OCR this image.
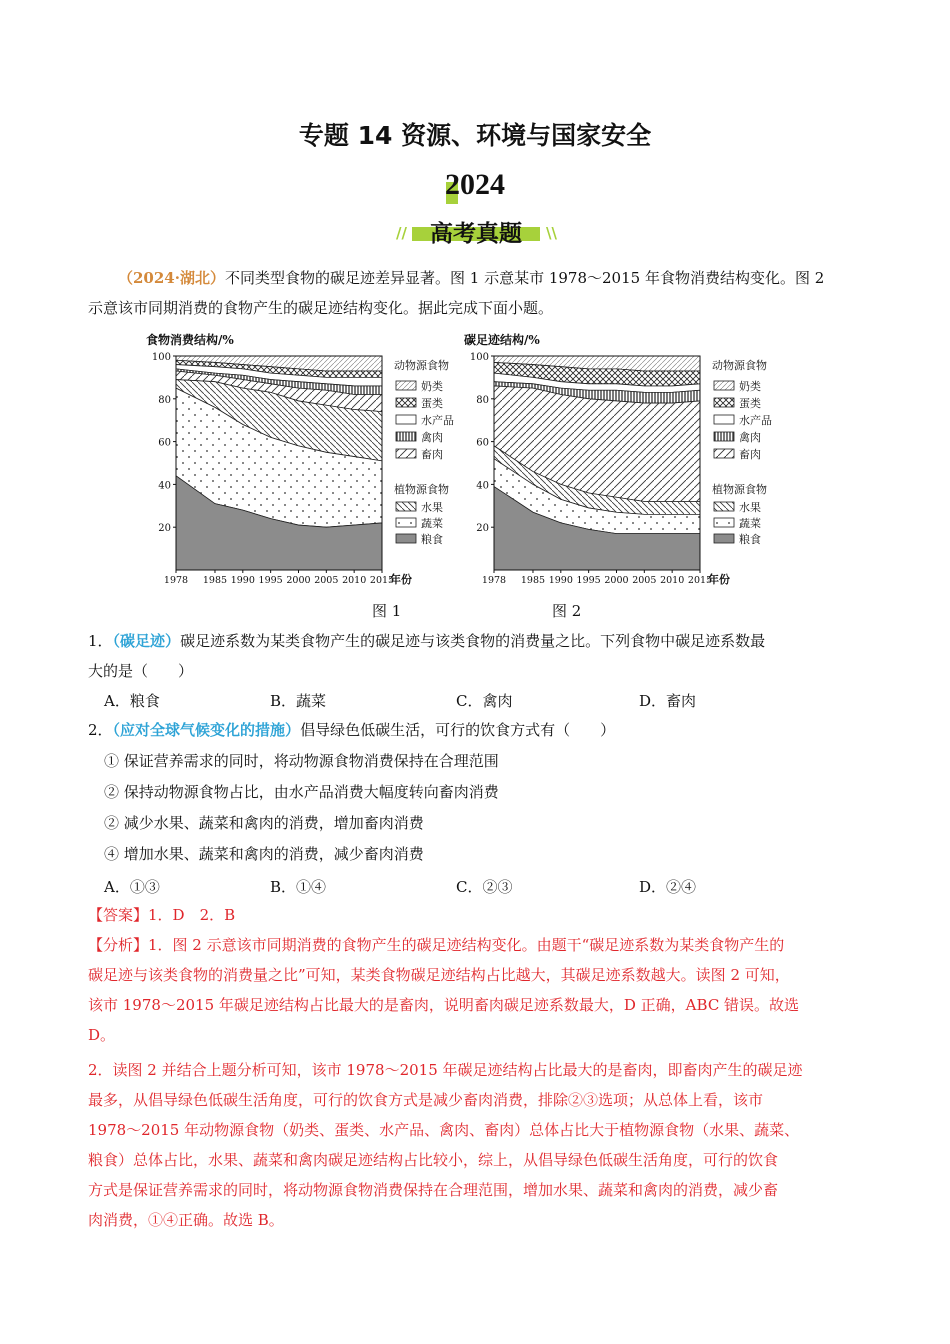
专题 14 资源、环境与国家安全
2024
//	高考真题	\\
（2024·湖北）不同类型食物的碳足迹差异显著。图 1 示意某市 1978～2015 年食物消费结构变化。图 2
示意该市同期消费的食物产生的碳足迹结构变化。据此完成下面小题。
食物消费结构/%
20
40
60
80
100
1978 1985 1990 1995 2000 2005 2010 2015
年份
动物源食物
奶类
蛋类
水产品
禽肉
畜肉
植物源食物
水果
蔬菜
粮食
碳足迹结构/%
20
40
60
80
100
1978 1985 1990 1995 2000 2005 2010 2015
年份
动物源食物
奶类
蛋类
水产品
禽肉
畜肉
植物源食物
水果
蔬菜
粮食
图 1	图 2
1．（碳足迹）碳足迹系数为某类食物产生的碳足迹与该类食物的消费量之比。下列食物中碳足迹系数最
大的是（　　）
A．粮食	B．蔬菜	C．禽肉	D．畜肉
2．（应对全球气候变化的措施）倡导绿色低碳生活，可行的饮食方式有（　　）
① 保证营养需求的同时，将动物源食物消费保持在合理范围
② 保持动物源食物占比，由水产品消费大幅度转向畜肉消费
② 减少水果、蔬菜和禽肉的消费，增加畜肉消费
④ 增加水果、蔬菜和禽肉的消费，减少畜肉消费
A．①③	B．①④	C．②③	D．②④
【答案】1．D　2．B
【分析】1．图 2 示意该市同期消费的食物产生的碳足迹结构变化。由题干“碳足迹系数为某类食物产生的
碳足迹与该类食物的消费量之比”可知，某类食物碳足迹结构占比越大，其碳足迹系数越大。读图 2 可知，
该市 1978～2015 年碳足迹结构占比最大的是畜肉，说明畜肉碳足迹系数最大，D 正确，ABC 错误。故选
D。
2．读图 2 并结合上题分析可知，该市 1978～2015 年碳足迹结构占比最大的是畜肉，即畜肉产生的碳足迹
最多，从倡导绿色低碳生活角度，可行的饮食方式是减少畜肉消费，排除②③选项；从总体上看，该市
1978～2015 年动物源食物（奶类、蛋类、水产品、禽肉、畜肉）总体占比大于植物源食物（水果、蔬菜、
粮食）总体占比，水果、蔬菜和禽肉碳足迹结构占比较小，综上，从倡导绿色低碳生活角度，可行的饮食
方式是保证营养需求的同时，将动物源食物消费保持在合理范围，增加水果、蔬菜和禽肉的消费，减少畜
肉消费，①④正确。故选 B。
